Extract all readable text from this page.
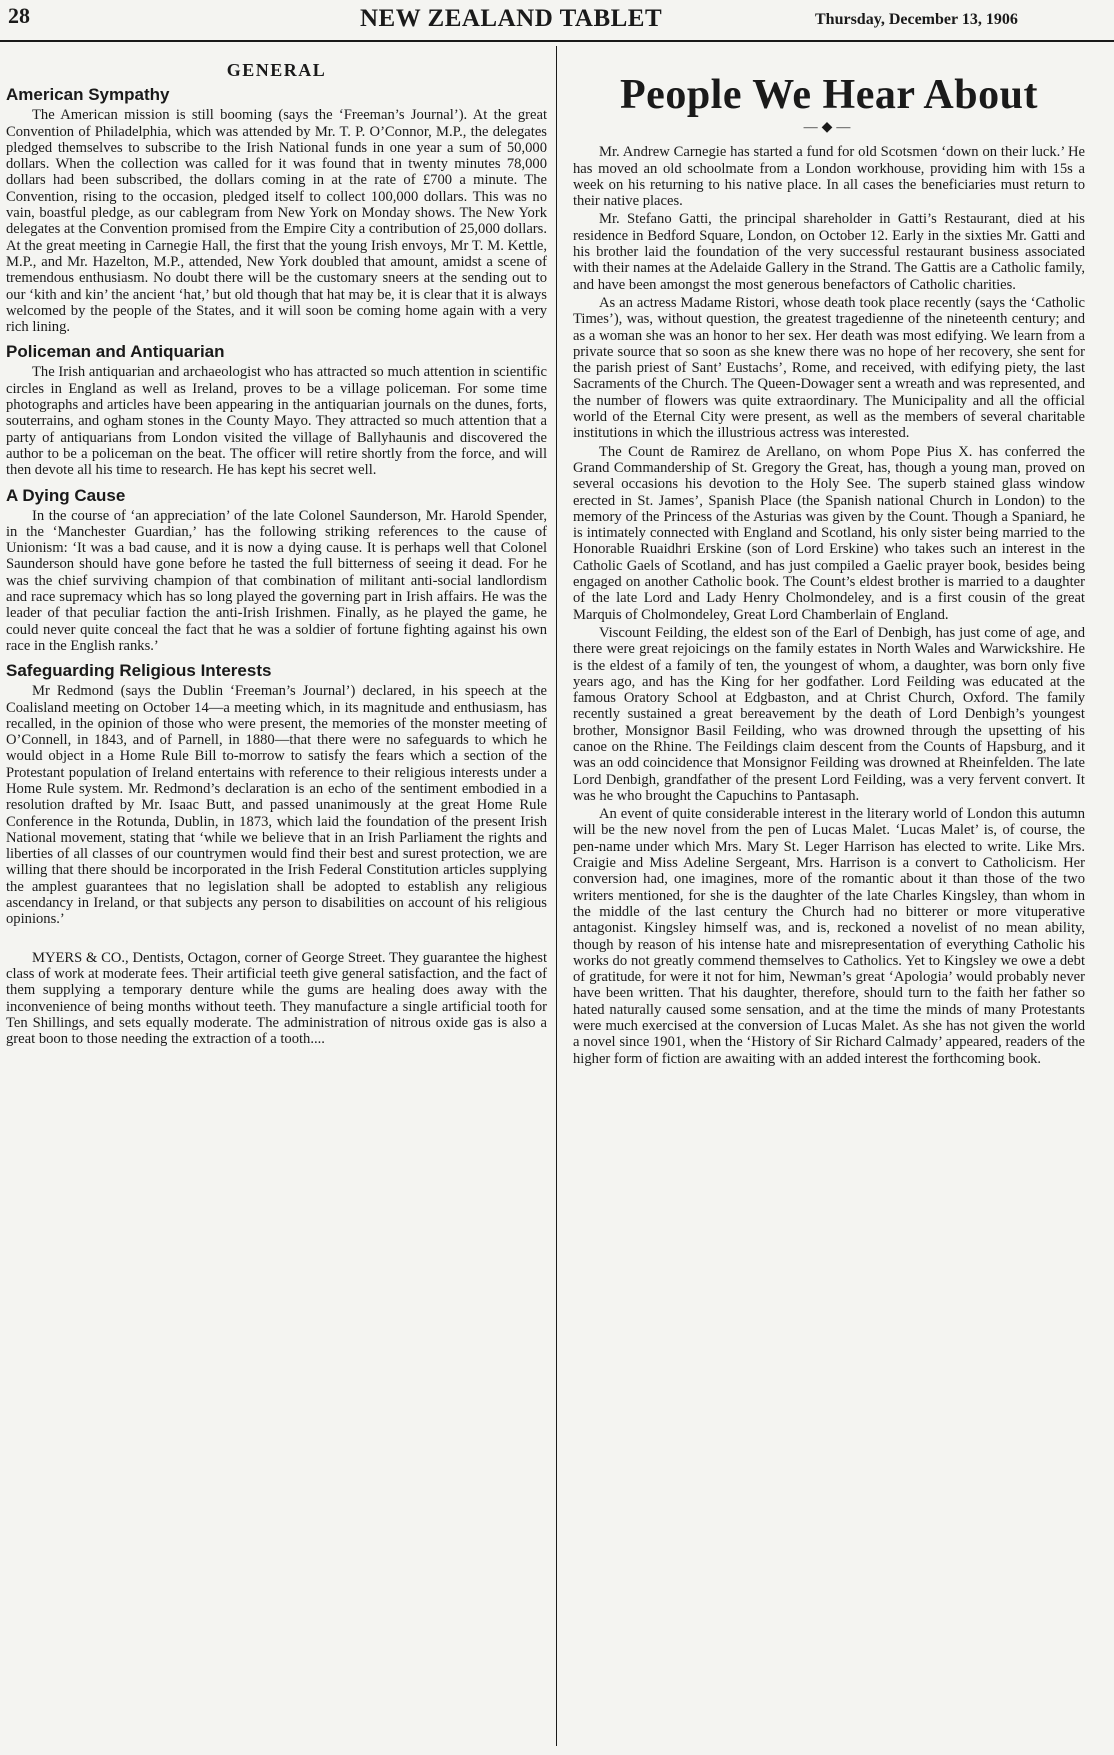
28	NEW ZEALAND TABLET	Thursday, December 13, 1906
GENERAL
American Sympathy

The American mission is still booming (says the ‘Freeman’s Journal’). At the great Convention of Philadelphia, which was attended by Mr. T. P. O’Connor, M.P., the delegates pledged themselves to subscribe to the Irish National funds in one year a sum of 50,000 dollars. When the collection was called for it was found that in twenty minutes 78,000 dollars had been subscribed, the dollars coming in at the rate of £700 a minute. The Convention, rising to the occasion, pledged itself to collect 100,000 dollars. This was no vain, boastful pledge, as our cablegram from New York on Monday shows. The New York delegates at the Convention promised from the Empire City a contribution of 25,000 dollars. At the great meeting in Carnegie Hall, the first that the young Irish envoys, Mr T. M. Kettle, M.P., and Mr. Hazelton, M.P., attended, New York doubled that amount, amidst a scene of tremendous enthusiasm. No doubt there will be the customary sneers at the sending out to our ‘kith and kin’ the ancient ‘hat,’ but old though that hat may be, it is clear that it is always welcomed by the people of the States, and it will soon be coming home again with a very rich lining.

Policeman and Antiquarian

The Irish antiquarian and archaeologist who has attracted so much attention in scientific circles in England as well as Ireland, proves to be a village policeman. For some time photographs and articles have been appearing in the antiquarian journals on the dunes, forts, souterrains, and ogham stones in the County Mayo. They attracted so much attention that a party of antiquarians from London visited the village of Ballyhaunis and discovered the author to be a policeman on the beat. The officer will retire shortly from the force, and will then devote all his time to research. He has kept his secret well.

A Dying Cause

In the course of ‘an appreciation’ of the late Colonel Saunderson, Mr. Harold Spender, in the ‘Manchester Guardian,’ has the following striking references to the cause of Unionism: ‘It was a bad cause, and it is now a dying cause. It is perhaps well that Colonel Saunderson should have gone before he tasted the full bitterness of seeing it dead. For he was the chief surviving champion of that combination of militant anti-social landlordism and race supremacy which has so long played the governing part in Irish affairs. He was the leader of that peculiar faction the anti-Irish Irishmen. Finally, as he played the game, he could never quite conceal the fact that he was a soldier of fortune fighting against his own race in the English ranks.’

Safeguarding Religious Interests

Mr Redmond (says the Dublin ‘Freeman’s Journal’) declared, in his speech at the Coalisland meeting on October 14—a meeting which, in its magnitude and enthusiasm, has recalled, in the opinion of those who were present, the memories of the monster meeting of O’Connell, in 1843, and of Parnell, in 1880—that there were no safeguards to which he would object in a Home Rule Bill to-morrow to satisfy the fears which a section of the Protestant population of Ireland entertains with reference to their religious interests under a Home Rule system. Mr. Redmond’s declaration is an echo of the sentiment embodied in a resolution drafted by Mr. Isaac Butt, and passed unanimously at the great Home Rule Conference in the Rotunda, Dublin, in 1873, which laid the foundation of the present Irish National movement, stating that ‘while we believe that in an Irish Parliament the rights and liberties of all classes of our countrymen would find their best and surest protection, we are willing that there should be incorporated in the Irish Federal Constitution articles supplying the amplest guarantees that no legislation shall be adopted to establish any religious ascendancy in Ireland, or that subjects any person to disabilities on account of his religious opinions.’

MYERS & CO., Dentists, Octagon, corner of George Street. They guarantee the highest class of work at moderate fees. Their artificial teeth give general satisfaction, and the fact of them supplying a temporary denture while the gums are healing does away with the inconvenience of being months without teeth. They manufacture a single artificial tooth for Ten Shillings, and sets equally moderate. The administration of nitrous oxide gas is also a great boon to those needing the extraction of a tooth....

People We Hear About
—◆—

Mr. Andrew Carnegie has started a fund for old Scotsmen ‘down on their luck.’ He has moved an old schoolmate from a London workhouse, providing him with 15s a week on his returning to his native place. In all cases the beneficiaries must return to their native places.

Mr. Stefano Gatti, the principal shareholder in Gatti’s Restaurant, died at his residence in Bedford Square, London, on October 12. Early in the sixties Mr. Gatti and his brother laid the foundation of the very successful restaurant business associated with their names at the Adelaide Gallery in the Strand. The Gattis are a Catholic family, and have been amongst the most generous benefactors of Catholic charities.

As an actress Madame Ristori, whose death took place recently (says the ‘Catholic Times’), was, without question, the greatest tragedienne of the nineteenth century; and as a woman she was an honor to her sex. Her death was most edifying. We learn from a private source that so soon as she knew there was no hope of her recovery, she sent for the parish priest of Sant’ Eustachs’, Rome, and received, with edifying piety, the last Sacraments of the Church. The Queen-Dowager sent a wreath and was represented, and the number of flowers was quite extraordinary. The Municipality and all the official world of the Eternal City were present, as well as the members of several charitable institutions in which the illustrious actress was interested.

The Count de Ramirez de Arellano, on whom Pope Pius X. has conferred the Grand Commandership of St. Gregory the Great, has, though a young man, proved on several occasions his devotion to the Holy See. The superb stained glass window erected in St. James’, Spanish Place (the Spanish national Church in London) to the memory of the Princess of the Asturias was given by the Count. Though a Spaniard, he is intimately connected with England and Scotland, his only sister being married to the Honorable Ruaidhri Erskine (son of Lord Erskine) who takes such an interest in the Catholic Gaels of Scotland, and has just compiled a Gaelic prayer book, besides being engaged on another Catholic book. The Count’s eldest brother is married to a daughter of the late Lord and Lady Henry Cholmondeley, and is a first cousin of the great Marquis of Cholmondeley, Great Lord Chamberlain of England.

Viscount Feilding, the eldest son of the Earl of Denbigh, has just come of age, and there were great rejoicings on the family estates in North Wales and Warwickshire. He is the eldest of a family of ten, the youngest of whom, a daughter, was born only five years ago, and has the King for her godfather. Lord Feilding was educated at the famous Oratory School at Edgbaston, and at Christ Church, Oxford. The family recently sustained a great bereavement by the death of Lord Denbigh’s youngest brother, Monsignor Basil Feilding, who was drowned through the upsetting of his canoe on the Rhine. The Feildings claim descent from the Counts of Hapsburg, and it was an odd coincidence that Monsignor Feilding was drowned at Rheinfelden. The late Lord Denbigh, grandfather of the present Lord Feilding, was a very fervent convert. It was he who brought the Capuchins to Pantasaph.

An event of quite considerable interest in the literary world of London this autumn will be the new novel from the pen of Lucas Malet. ‘Lucas Malet’ is, of course, the pen-name under which Mrs. Mary St. Leger Harrison has elected to write. Like Mrs. Craigie and Miss Adeline Sergeant, Mrs. Harrison is a convert to Catholicism. Her conversion had, one imagines, more of the romantic about it than those of the two writers mentioned, for she is the daughter of the late Charles Kingsley, than whom in the middle of the last century the Church had no bitterer or more vituperative antagonist. Kingsley himself was, and is, reckoned a novelist of no mean ability, though by reason of his intense hate and misrepresentation of everything Catholic his works do not greatly commend themselves to Catholics. Yet to Kingsley we owe a debt of gratitude, for were it not for him, Newman’s great ‘Apologia’ would probably never have been written. That his daughter, therefore, should turn to the faith her father so hated naturally caused some sensation, and at the time the minds of many Protestants were much exercised at the conversion of Lucas Malet. As she has not given the world a novel since 1901, when the ‘History of Sir Richard Calmady’ appeared, readers of the higher form of fiction are awaiting with an added interest the forthcoming book.
